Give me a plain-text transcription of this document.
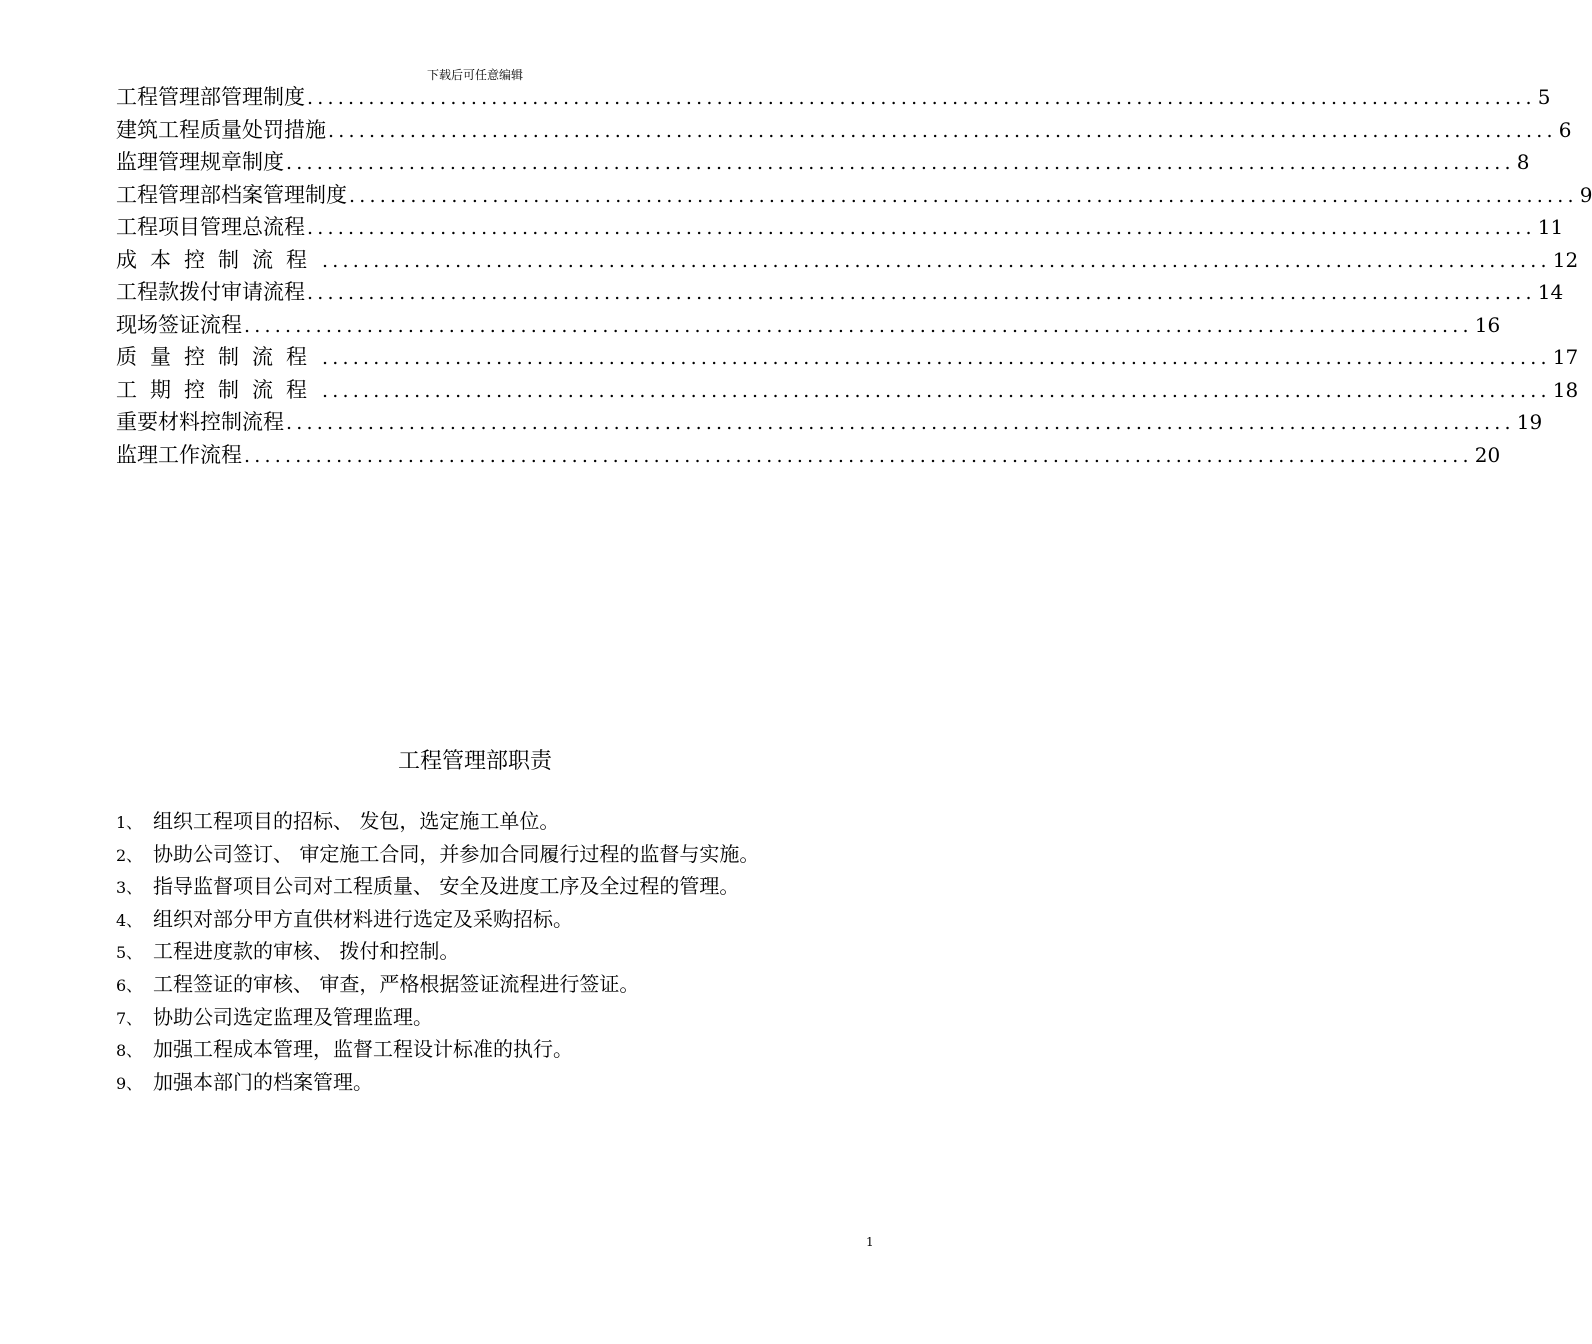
下载后可任意编辑
工程管理部管理制度 ........................................................................................................................ 5
建筑工程质量处罚措施 ........................................................................................................................ 6
监理管理规章制度 ........................................................................................................................ 8
工程管理部档案管理制度 ........................................................................................................................ 9
工程项目管理总流程 ........................................................................................................................ 11
成本控制流程 ........................................................................................................................ 12
工程款拨付审请流程 ........................................................................................................................ 14
现场签证流程 ........................................................................................................................ 16
质量控制流程 ........................................................................................................................ 17
工期控制流程 ........................................................................................................................ 18
重要材料控制流程 ........................................................................................................................ 19
监理工作流程 ........................................................................................................................ 20
工程管理部职责
1、 组织工程项目的招标、 发包，选定施工单位。
2、 协助公司签订、 审定施工合同，并参加合同履行过程的监督与实施。
3、 指导监督项目公司对工程质量、 安全及进度工序及全过程的管理。
4、 组织对部分甲方直供材料进行选定及采购招标。
5、 工程进度款的审核、 拨付和控制。
6、 工程签证的审核、 审查，严格根据签证流程进行签证。
7、 协助公司选定监理及管理监理。
8、 加强工程成本管理，监督工程设计标准的执行。
9、 加强本部门的档案管理。
1
